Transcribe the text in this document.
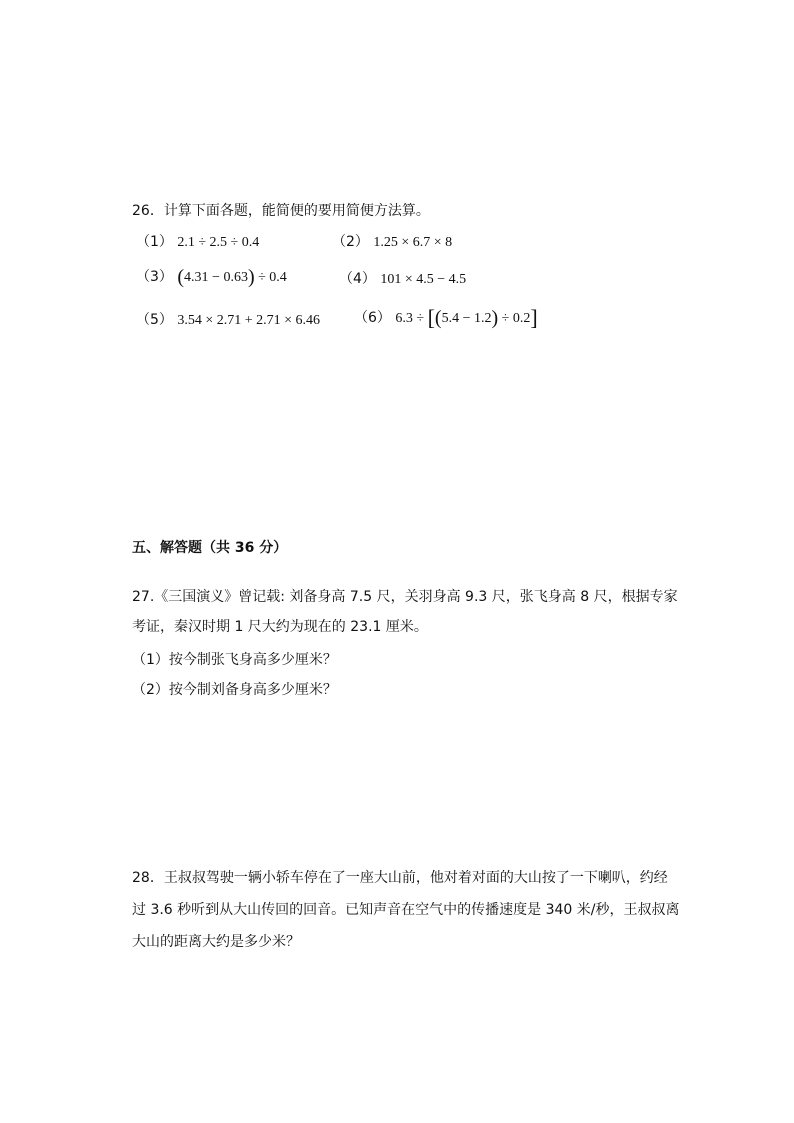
26．计算下面各题，能简便的要用简便方法算。
（1） 2.1 ÷ 2.5 ÷ 0.4	（2） 1.25 × 6.7 × 8
（3） (4.31 − 0.63) ÷ 0.4	（4） 101 × 4.5 − 4.5
（5） 3.54 × 2.71 + 2.71 × 6.46 （6） 6.3 ÷ [(5.4 − 1.2) ÷ 0.2]
五、解答题（共 36 分）
27.《三国演义》曾记载: 刘备身高 7.5 尺，关羽身高 9.3 尺，张飞身高 8 尺，根据专家
考证，秦汉时期 1 尺大约为现在的 23.1 厘米。
（1）按今制张飞身高多少厘米？
（2）按今制刘备身高多少厘米？
28．王叔叔驾驶一辆小轿车停在了一座大山前，他对着对面的大山按了一下喇叭，约经
过 3.6 秒听到从大山传回的回音。已知声音在空气中的传播速度是 340 米/秒，王叔叔离
大山的距离大约是多少米？
